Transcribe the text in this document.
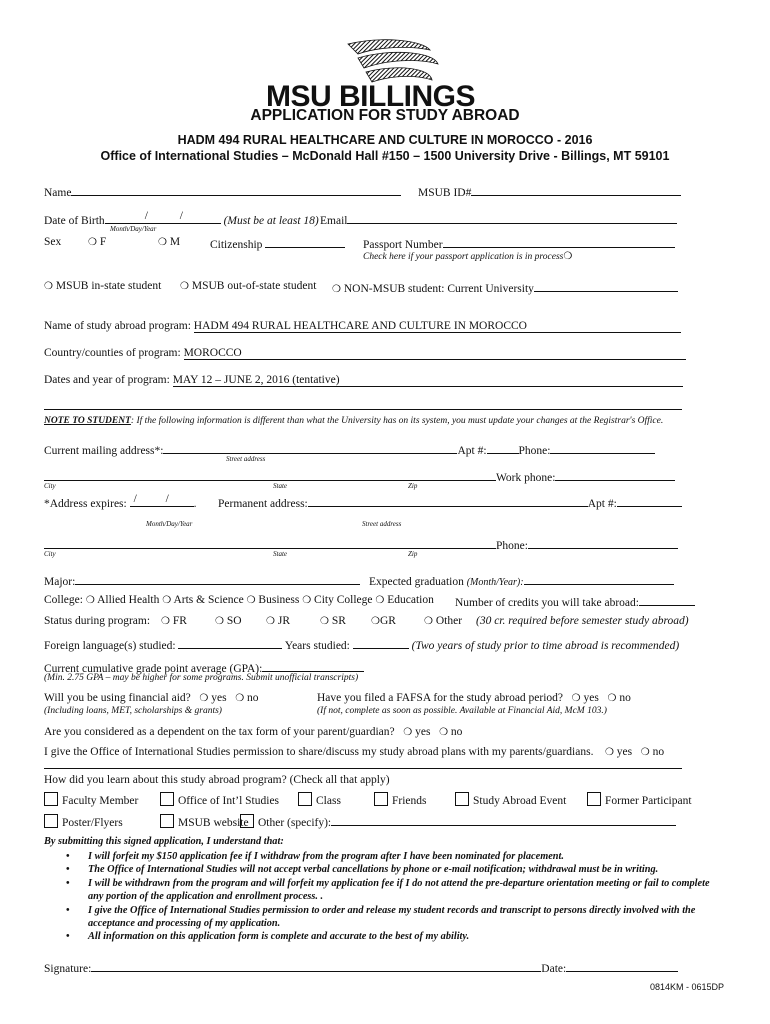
MSU BILLINGS
APPLICATION FOR STUDY ABROAD
HADM 494 RURAL HEALTHCARE AND CULTURE IN MOROCCO - 2016
Office of International Studies – McDonald Hall #150 – 1500 University Drive - Billings, MT 59101
Name	MSUB ID#
Date of Birth	/	/	(Must be at least 18)
Month/Day/Year
Email
Sex	❍ F	❍ M	Citizenship	Passport Number
Check here if your passport application is in process❍
❍ MSUB in-state student ❍ MSUB out-of-state student ❍ NON-MSUB student: Current University
Name of study abroad program: HADM 494 RURAL HEALTHCARE AND CULTURE IN MOROCCO
Country/counties of program: MOROCCO
Dates and year of program: MAY 12 – JUNE 2, 2016 (tentative)
NOTE TO STUDENT: If the following information is different than what the University has on its system, you must update your changes at the Registrar's Office.
Current mailing address*:	Apt #:	Phone:
Street address
Work phone:
City	State	Zip
*Address expires: /	/ . Permanent address:	Apt #:
Month/Day/Year	Street address
Phone:
City	State	Zip
Major:	Expected graduation (Month/Year):
College: ❍ Allied Health ❍ Arts & Science ❍ Business ❍ City College ❍ Education Number of credits you will take abroad:
Status during program: ❍ FR	❍ SO ❍ JR	❍ SR	❍GR	❍ Other (30 cr. required before semester study abroad)
Foreign language(s) studied:	Years studied:	(Two years of study prior to time abroad is recommended)
Current cumulative grade point average (GPA):
(Min. 2.75 GPA – may be higher for some programs. Submit unofficial transcripts)
Will you be using financial aid? ❍ yes ❍ no
(Including loans, MET, scholarships & grants)
Have you filed a FAFSA for the study abroad period? ❍ yes ❍ no
(If not, complete as soon as possible. Available at Financial Aid, McM 103.)
Are you considered as a dependent on the tax form of your parent/guardian? ❍ yes ❍ no
I give the Office of International Studies permission to share/discuss my study abroad plans with my parents/guardians. ❍ yes ❍ no
How did you learn about this study abroad program? (Check all that apply)
Faculty Member	Office of Int’l Studies	Class	Friends	Study Abroad Event	Former Participant
Poster/Flyers	MSUB website Other (specify):
By submitting this signed application, I understand that:
• I will forfeit my $150 application fee if I withdraw from the program after I have been nominated for placement.
• The Office of International Studies will not accept verbal cancellations by phone or e-mail notification; withdrawal must be in writing.
• I will be withdrawn from the program and will forfeit my application fee if I do not attend the pre-departure orientation meeting or fail to complete any portion of the application and enrollment process. .
• I give the Office of International Studies permission to order and release my student records and transcript to persons directly involved with the acceptance and processing of my application.
• All information on this application form is complete and accurate to the best of my ability.
Signature:	Date:
0814KM - 0615DP
